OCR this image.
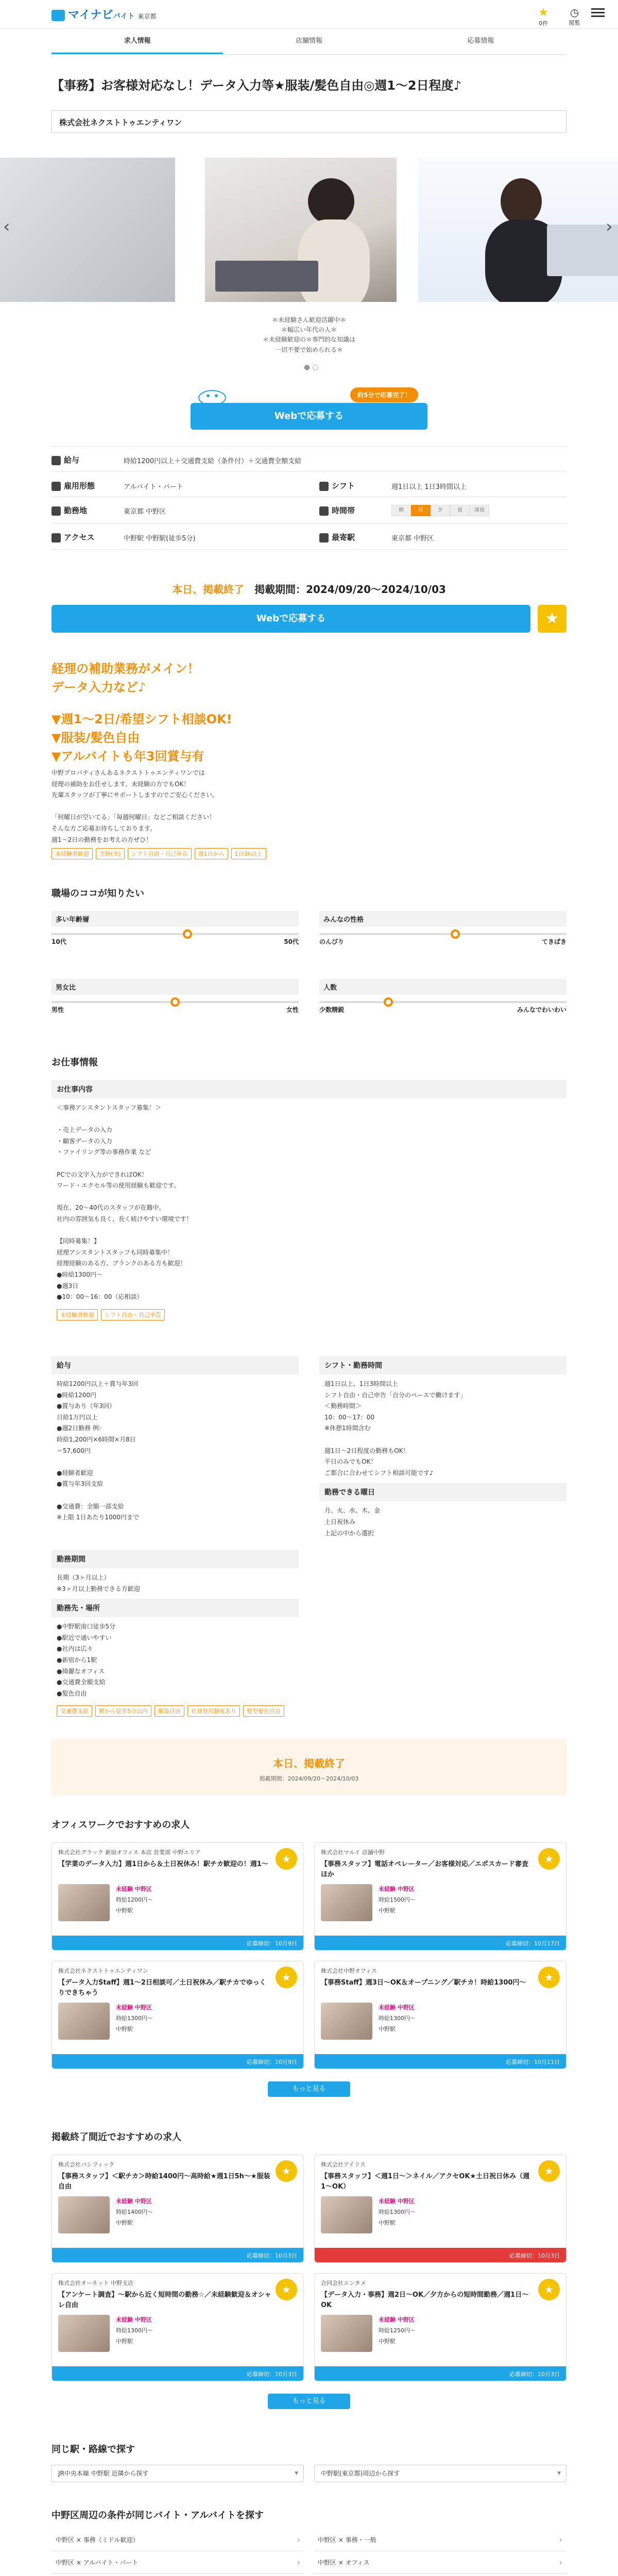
マイナビバイト 東京都	★
0件 ◷
閲覧
求人情報	店舗情報	応募情報
【事務】お客様対応なし！データ入力等★服装/髪色自由◎週1～2日程度♪
株式会社ネクストトゥエンティワン
‹	›
＊未経験さん歓迎活躍中＊
＊幅広い年代の人＊
＊未経験歓迎の＊専門的な知識は
一切不要で始められる＊
●○
約5分で応募完了！
Webで応募する
給与	時給1200円以上＋交通費支給（条件付）＋交通費全額支給
雇用形態	アルバイト・パート	シフト	週1日以上 1日3時間以上
勤務地	東京都 中野区	時間帯	朝	昼	夕	夜	深夜
アクセス	中野駅 中野駅(徒歩5分)	最寄駅	東京都 中野区
本日、掲載終了　 掲載期間：2024/09/20〜2024/10/03
Webで応募する	★
経理の補助業務がメイン！
データ入力など♪
▼週1～2日/希望シフト相談OK!
▼服装/髪色自由
▼アルバイトも年3回賞与有
中野プロパティさんあるネクストトゥエンティワンでは
経理の補助をお任せします。未経験の方でもOK！
先輩スタッフが丁寧にサポートしますのでご安心ください。

「何曜日が空いてる」「毎週何曜日」などご相談ください！
そんな方ご応募お待ちしております。
週1～2日の勤務をお考えの方ぜひ！
未経験者歓迎	主婦(夫)	シフト自由・自己申告	週1日から	1日3h以上
職場のココが知りたい
多い年齢層
10代	50代
みんなの性格
のんびり	てきぱき
男女比
男性	女性
人数
少数精鋭	みんなでわいわい
お仕事情報
お仕事内容
＜事務アシスタントスタッフ募集！＞

・売上データの入力
・顧客データの入力
・ファイリング等の事務作業 など

PCでの文字入力ができればOK！
ワード・エクセル等の使用経験も歓迎です。

現在、20〜40代のスタッフが在籍中。
社内の雰囲気も良く、長く続けやすい環境です！

【同時募集！】
経理アシスタントスタッフも同時募集中！
経理経験のある方、ブランクのある方も歓迎！
●時給1300円〜
●週3日
●10：00〜16：00（応相談）
未経験者歓迎	シフト自由・自己申告
給与
時給1200円以上＋賞与年3回
●時給1200円
●賞与あり（年3回）
日給1万円以上
●週2日勤務 例：
時給1,200円×6時間×月8日
＝57,600円

●経験者歓迎
●賞与年3回支給

●交通費：全額一部支給
※上限 1日あたり1000円まで
シフト・勤務時間
週1日以上、1日3時間以上
シフト自由・自己申告「自分のペースで働けます」
＜勤務時間＞
10：00〜17：00
※休憩1時間含む

週1日〜2日程度の勤務もOK！
平日のみでもOK！
ご都合に合わせてシフト相談可能です♪
勤務できる曜日
月、火、水、木、金
土日祝休み
上記の中から選択
勤務期間
長期（3ヶ月以上）
※3ヶ月以上勤務できる方歓迎
勤務先・場所
●中野駅南口徒歩5分
●駅近で通いやすい
●社内は広々
●新宿から1駅
●綺麗なオフィス
●交通費全額支給
●髪色自由
交通費支給	駅から徒歩5分以内	服装自由	社員登用制度あり	髪型髪色自由
本日、掲載終了
掲載期間：2024/09/20〜2024/10/03
オフィスワークでおすすめの求人
株式会社グラック 新宿オフィス 本店 営業部 中野エリア
【学業のデータ入力】週1日から＆土日祝休み！駅チカ歓迎の！週1〜
未経験 中野区
時給1200円〜
中野駅
★
応募締切：10月9日
株式会社マルイ 店舗中野
【事務スタッフ】電話オペレーター／お客様対応／エポスカード審査 ほか
未経験 中野区
時給1500円〜
中野駅
★
応募締切：10月17日
株式会社ネクストトゥエンティワン
【データ入力Staff】週1〜2日相談可／土日祝休み／駅チカでゆっくりできちゃう
未経験 中野区
時給1300円〜
中野駅
★
応募締切：10月9日
株式会社中野オフィス
【事務Staff】週3日〜OK＆オープニング／駅チカ！時給1300円〜
未経験 中野区
時給1300円〜
中野駅
★
応募締切：10月11日
もっと見る
掲載終了間近でおすすめの求人
株式会社パシフィック
【事務スタッフ】＜駅チカ＞時給1400円〜高時給★週1日5h〜★服装自由
未経験 中野区
時給1400円〜
中野駅
★
応募締切：10月3日
株式会社アイリス
【事務スタッフ】＜週1日〜＞ネイル／アクセOK★土日祝日休み（週1〜OK）
未経験 中野区
時給1300円〜
中野駅
★
応募締切：10月3日
株式会社オーネット 中野支店
【アンケート調査】〜駅から近く短時間の勤務☆／未経験歓迎＆オシャレ自由
未経験 中野区
時給1300円〜
中野駅
★
応募締切：10月3日
合同会社エンタメ
【データ入力・事務】週2日〜OK／夕方からの短時間勤務／週1日〜OK
未経験 中野区
時給1250円〜
中野駅
★
応募締切：10月3日
もっと見る
同じ駅・路線で探す
JR中央本線 中野駅 近隣から探す ▼	中野駅(東京都)周辺から探す ▼
中野区周辺の条件が同じバイト・アルバイトを探す
中野区 × 事務（ミドル歓迎） ›	中野区 × 事務・一般 ›
中野区 × アルバイト・パート ›	中野区 × オフィス ›
›
›
